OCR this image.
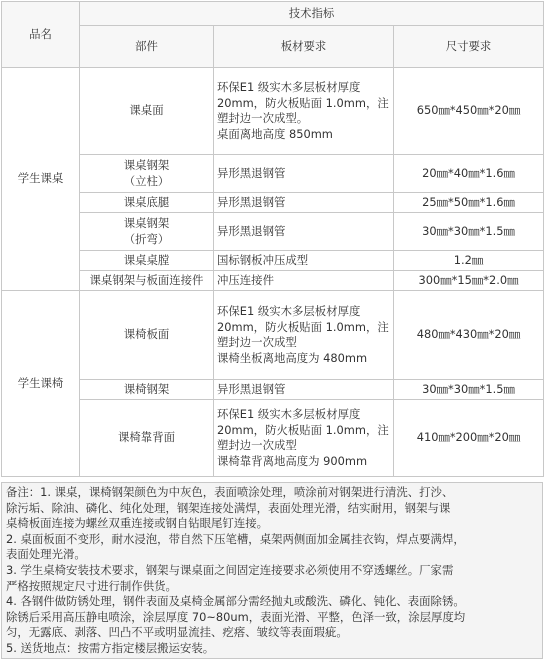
品名	技术指标		
	部件	板材要求	尺寸要求
学生课桌	课桌面	环保E1 级实木多层板材厚度
20mm，防火板贴面 1.0mm，注
塑封边一次成型。
桌面离地高度 850mm	650㎜*450㎜*20㎜

	课桌钢架
（立柱）	异形黑退钢管	20㎜*40㎜*1.6㎜
	课桌底腿	异形黑退钢管	25㎜*50㎜*1.6㎜

	课桌钢架
（折弯）	异形黑退钢管	30㎜*30㎜*1.5㎜
	课桌桌膛	国标钢板冲压成型	1.2㎜
	课桌钢架与板面连接件	冲压连接件	300㎜*15㎜*2.0㎜
学生课椅	课椅板面	环保E1 级实木多层板材厚度
20mm，防火板贴面 1.0mm，注
塑封边一次成型
课椅坐板离地高度为 480mm	480㎜*430㎜*20㎜
	课椅钢架	异形黑退钢管	30㎜*30㎜*1.5㎜
	课椅靠背面	环保E1 级实木多层板材厚度
20mm，防火板贴面 1.0mm，注
塑封边一次成型
课椅靠背离地高度为 900mm	410㎜*200㎜*20㎜

备注：1. 课桌，课椅钢架颜色为中灰色，表面喷涂处理，喷涂前对钢架进行清洗、打沙、

除污垢、除油、磷化、纯化处理，钢架连接处满焊，表面处理光滑，结实耐用，钢架与课

桌椅板面连接为螺丝双重连接或钢自钻眼尾钉连接。

2. 桌面板面不变形，耐水浸泡，带自然下压笔槽，桌架两侧面加金属挂衣钩，焊点要满焊，

表面处理光滑。

3. 学生桌椅安装技术要求，钢架与课桌面之间固定连接要求必须使用不穿透螺丝。厂家需

严格按照规定尺寸进行制作供货。

4. 各钢件做防锈处理，钢件表面及桌椅金属部分需经抛丸或酸洗、磷化、钝化、表面除锈。

除锈后采用高压静电喷涂，涂层厚度 70~80um，表面光滑、平整，色泽一致，涂层厚度均

匀，无露底、剥落、凹凸不平或明显流挂、疙瘩、皱纹等表面瑕疵。

5. 送货地点：按需方指定楼层搬运安装。
